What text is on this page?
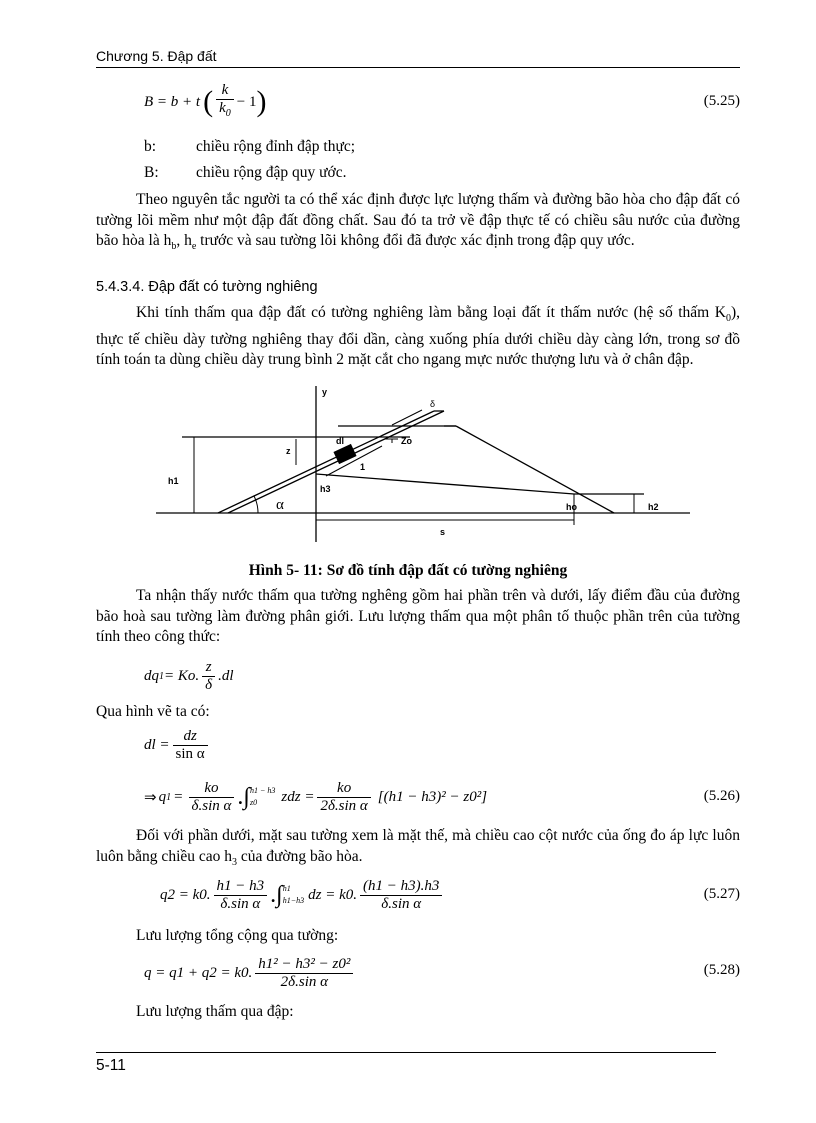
Chương 5. Đập đất
B = b + t ( $\frac{k}{k_0} - 1$ )	(5.25)
b:	chiều rộng đỉnh đập thực;
B: chiều rộng đập quy ước.
Theo nguyên tắc người ta có thể xác định được lực lượng thấm và đường bão hòa cho đập đất có tường lõi mềm như một đập đất đồng chất. Sau đó ta trở về đập thực tế có chiều sâu nước của đường bão hòa là $h_b$, $h_e$ trước và sau tường lõi không đổi đã được xác định trong đập quy ước.
5.4.3.4. Đập đất có tường nghiêng
Khi tính thấm qua đập đất có tường nghiêng làm bằng loại đất ít thấm nước (hệ số thấm $K_0$), thực tế chiều dày tường nghiêng thay đổi dần, càng xuống phía dưới chiều dày càng lớn, trong sơ đồ tính toán ta dùng chiều dày trung bình 2 mặt cắt cho ngang mực nước thượng lưu và ở chân đập.
y
δ
z
dl	Zo
1
h1
h3
α
s
ho	h2
Hình 5- 11: Sơ đồ tính đập đất có tường nghiêng
Ta nhận thấy nước thấm qua tường nghêng gồm hai phần trên và dưới, lấy điểm đầu của đường bão hoà sau tường làm đường phân giới. Lưu lượng thấm qua một phân tố thuộc phần trên của tường tính theo công thức:
dq 1 = Ko. $\frac{z}{\delta} .dl$
Qua hình vẽ ta có:
dl = $\frac{dz}{\text{sin α}}$
⇒ q $1 = \frac{ko}{\text{δ.sin α}}$ .∫ h1 − h3
z0	zdz = $\frac{ko}{\text{2δ.sin α}} [(h1 - h3)^2 - z0^2]$	(5.26)
Đối với phần dưới, mặt sau tường xem là mặt thế, mà chiều cao cột nước của ống đo áp lực luôn luôn bằng chiều cao $h_3$ của đường bão hòa.
q2 = k0. $\frac{h1 - h3}{\text{δ.sin α}}$ .∫ h1
h1−h3 dz = k0. $\frac{(h1 - h3).h3}{\text{δ.sin α}}$	(5.27)
Lưu lượng tổng cộng qua tường:
q = q1 + q2 = k0. $\frac{\text{h1² − h3² − z0²}}{\text{2δ.sin α}}$	(5.28)
Lưu lượng thấm qua đập:
5-11
